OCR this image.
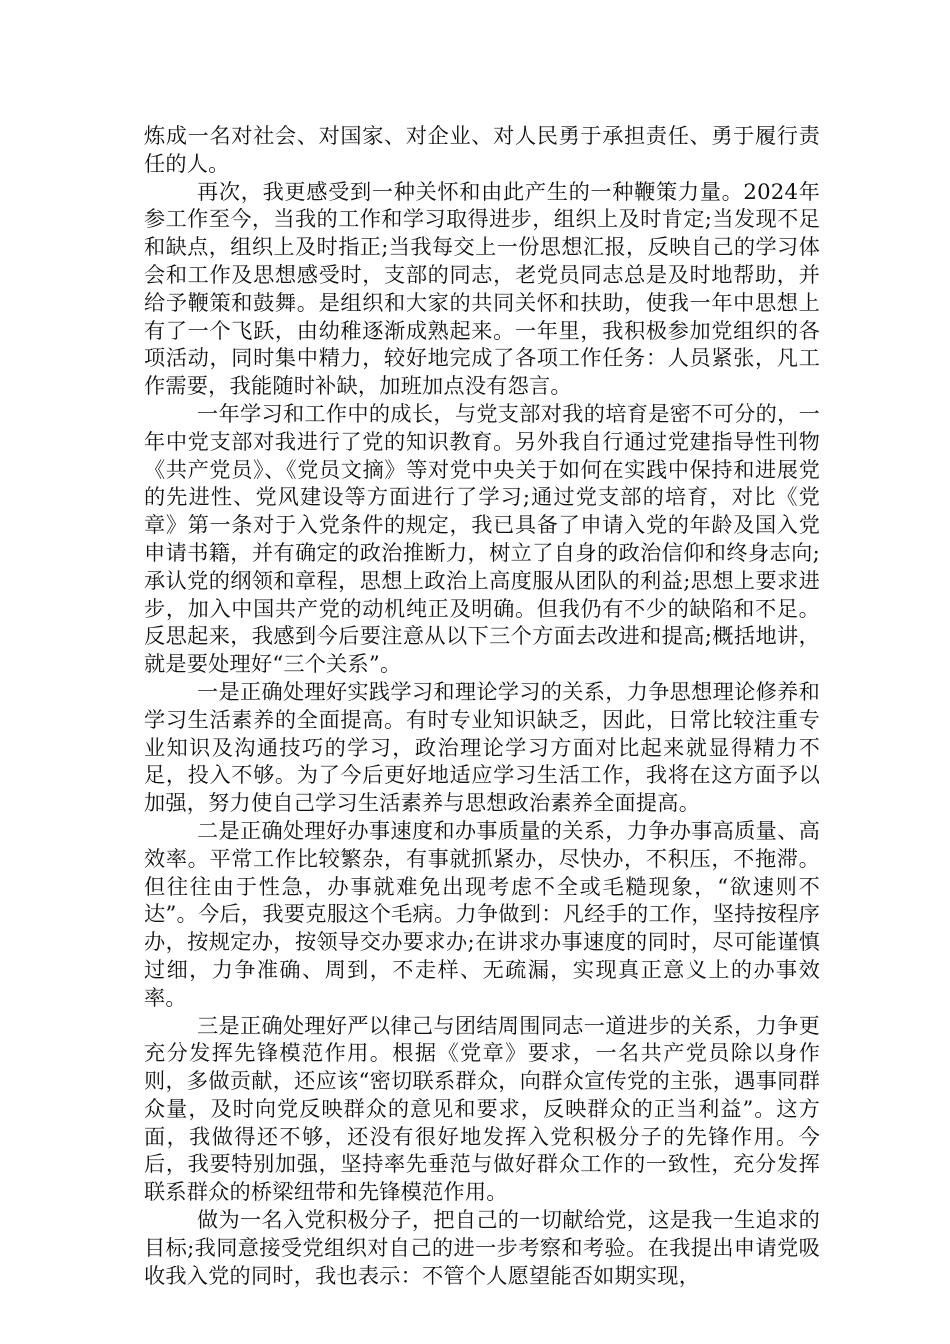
炼成一名对社会、对国家、对企业、对人民勇于承担责任、勇于履行责任的人。

再次，我更感受到一种关怀和由此产生的一种鞭策力量。2024年参工作至今，当我的工作和学习取得进步，组织上及时肯定;当发现不足和缺点，组织上及时指正;当我每交上一份思想汇报，反映自己的学习体会和工作及思想感受时，支部的同志，老党员同志总是及时地帮助，并给予鞭策和鼓舞。是组织和大家的共同关怀和扶助，使我一年中思想上有了一个飞跃，由幼稚逐渐成熟起来。一年里，我积极参加党组织的各项活动，同时集中精力，较好地完成了各项工作任务：人员紧张，凡工作需要，我能随时补缺，加班加点没有怨言。

一年学习和工作中的成长，与党支部对我的培育是密不可分的，一年中党支部对我进行了党的知识教育。另外我自行通过党建指导性刊物《共产党员》、《党员文摘》等对党中央关于如何在实践中保持和进展党的先进性、党风建设等方面进行了学习;通过党支部的培育，对比《党章》第一条对于入党条件的规定，我已具备了申请入党的年龄及国入党申请书籍，并有确定的政治推断力，树立了自身的政治信仰和终身志向;承认党的纲领和章程，思想上政治上高度服从团队的利益;思想上要求进步，加入中国共产党的动机纯正及明确。但我仍有不少的缺陷和不足。反思起来，我感到今后要注意从以下三个方面去改进和提高;概括地讲，就是要处理好“三个关系”。

一是正确处理好实践学习和理论学习的关系，力争思想理论修养和学习生活素养的全面提高。有时专业知识缺乏，因此，日常比较注重专业知识及沟通技巧的学习，政治理论学习方面对比起来就显得精力不足，投入不够。为了今后更好地适应学习生活工作，我将在这方面予以加强，努力使自己学习生活素养与思想政治素养全面提高。

二是正确处理好办事速度和办事质量的关系，力争办事高质量、高效率。平常工作比较繁杂，有事就抓紧办，尽快办，不积压，不拖滞。但往往由于性急，办事就难免出现考虑不全或毛糙现象，“欲速则不达”。今后，我要克服这个毛病。力争做到：凡经手的工作，坚持按程序办，按规定办，按领导交办要求办;在讲求办事速度的同时，尽可能谨慎过细，力争准确、周到，不走样、无疏漏，实现真正意义上的办事效率。

三是正确处理好严以律己与团结周围同志一道进步的关系，力争更充分发挥先锋模范作用。根据《党章》要求，一名共产党员除以身作则，多做贡献，还应该“密切联系群众，向群众宣传党的主张，遇事同群众量，及时向党反映群众的意见和要求，反映群众的正当利益”。这方面，我做得还不够，还没有很好地发挥入党积极分子的先锋作用。今后，我要特别加强，坚持率先垂范与做好群众工作的一致性，充分发挥联系群众的桥梁纽带和先锋模范作用。

做为一名入党积极分子，把自己的一切献给党，这是我一生追求的目标;我同意接受党组织对自己的进一步考察和考验。在我提出申请党吸收我入党的同时，我也表示：不管个人愿望能否如期实现，
